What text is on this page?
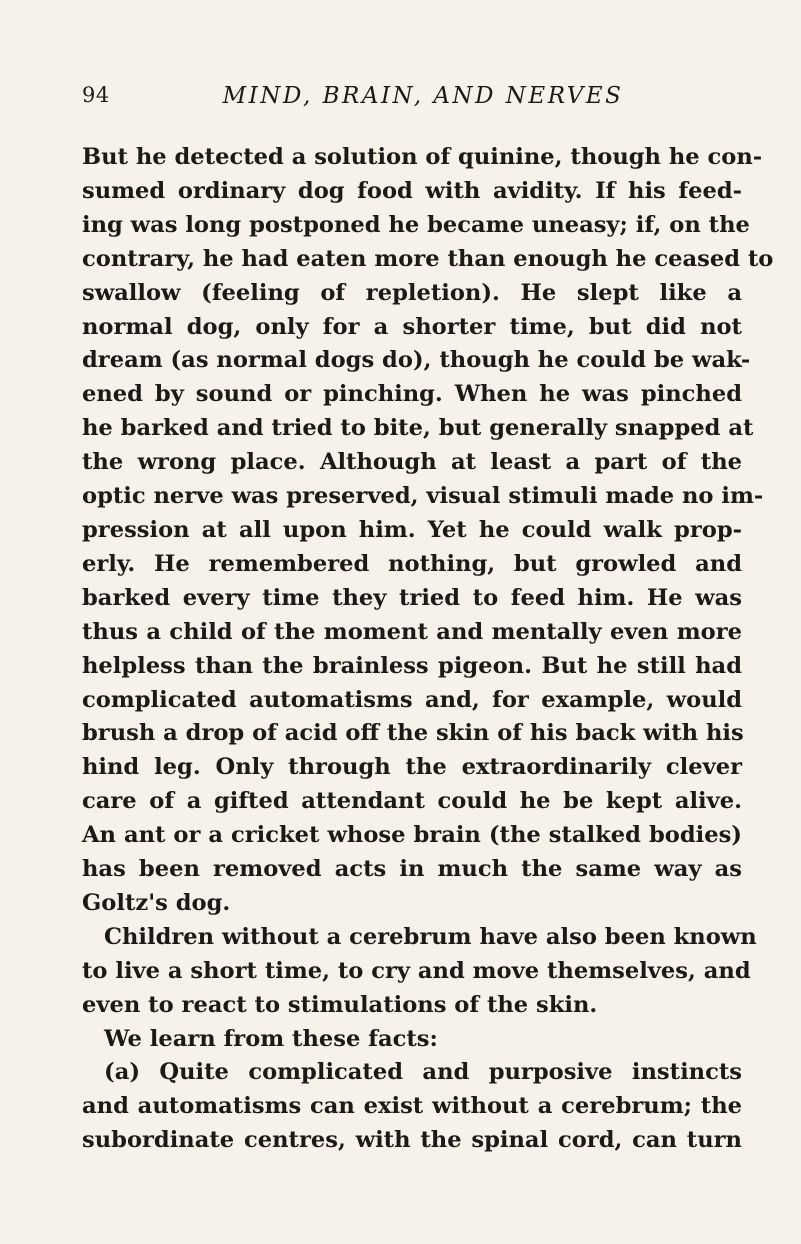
94	MIND, BRAIN, AND NERVES
But he detected a solution of quinine, though he con-
sumed ordinary dog food with avidity. If his feed-
ing was long postponed he became uneasy; if, on the
contrary, he had eaten more than enough he ceased to
swallow (feeling of repletion). He slept like a
normal dog, only for a shorter time, but did not
dream (as normal dogs do), though he could be wak-
ened by sound or pinching. When he was pinched
he barked and tried to bite, but generally snapped at
the wrong place. Although at least a part of the
optic nerve was preserved, visual stimuli made no im-
pression at all upon him. Yet he could walk prop-
erly. He remembered nothing, but growled and
barked every time they tried to feed him. He was
thus a child of the moment and mentally even more
helpless than the brainless pigeon. But he still had
complicated automatisms and, for example, would
brush a drop of acid off the skin of his back with his
hind leg. Only through the extraordinarily clever
care of a gifted attendant could he be kept alive.
An ant or a cricket whose brain (the stalked bodies)
has been removed acts in much the same way as
Goltz's dog.
Children without a cerebrum have also been known
to live a short time, to cry and move themselves, and
even to react to stimulations of the skin.
We learn from these facts:
(a) Quite complicated and purposive instincts
and automatisms can exist without a cerebrum; the
subordinate centres, with the spinal cord, can turn
